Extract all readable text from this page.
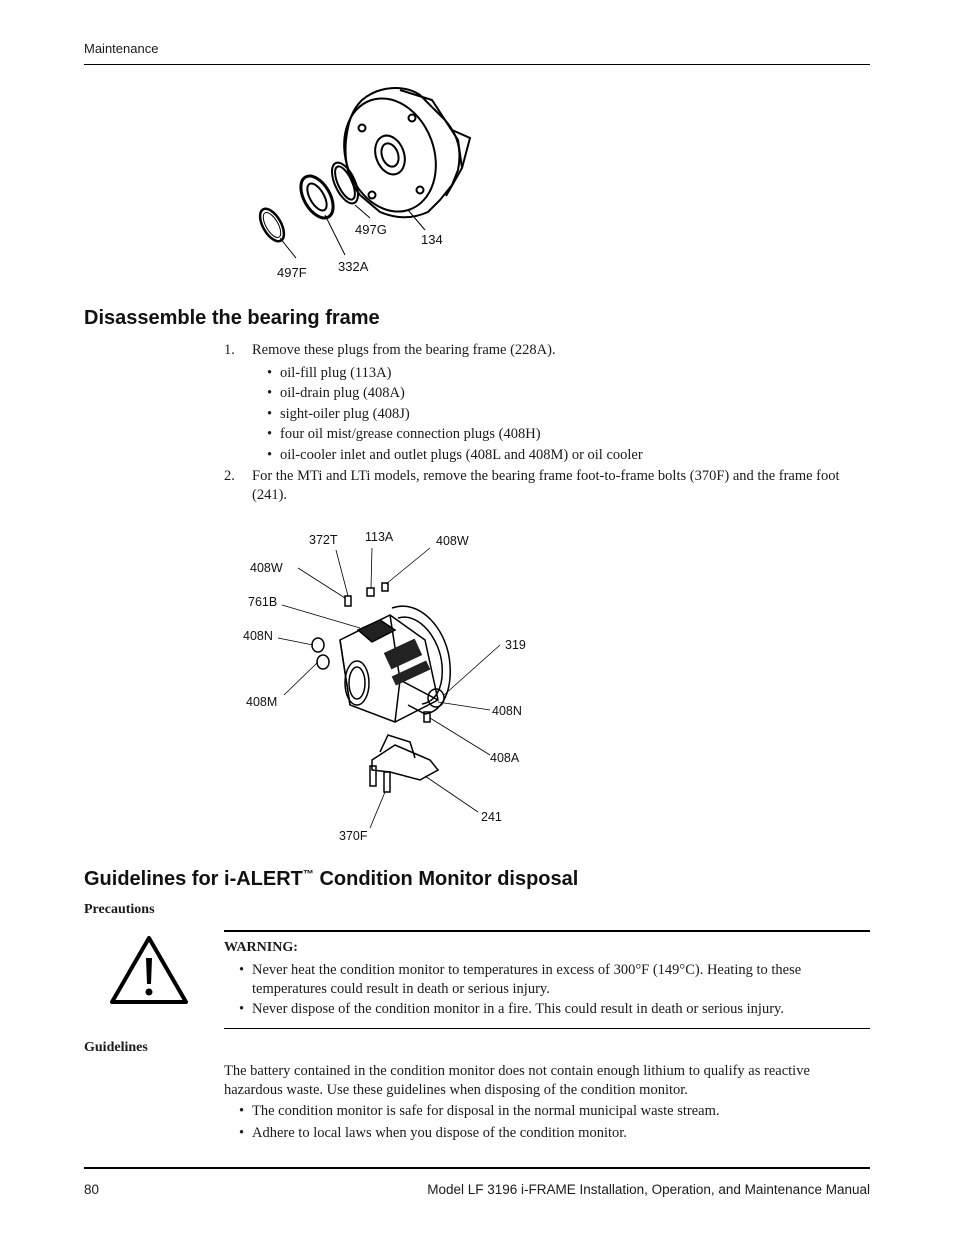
Maintenance
497G
134
497F 332A
Disassemble the bearing frame
1. Remove these plugs from the bearing frame (228A).
• oil-fill plug (113A)
• oil-drain plug (408A)
• sight-oiler plug (408J)
• four oil mist/grease connection plugs (408H)
• oil-cooler inlet and outlet plugs (408L and 408M) or oil cooler
2. For the MTi and LTi models, remove the bearing frame foot-to-frame bolts (370F) and the frame foot
(241).
372T 113A	408W
408W
761B
408N
319
408M
408N
408A
241
370F
Guidelines for i-ALERT™ Condition Monitor disposal
Precautions
WARNING:
• Never heat the condition monitor to temperatures in excess of 300°F (149°C). Heating to these
temperatures could result in death or serious injury.
• Never dispose of the condition monitor in a fire. This could result in death or serious injury.
Guidelines
The battery contained in the condition monitor does not contain enough lithium to qualify as reactive
hazardous waste. Use these guidelines when disposing of the condition monitor.
• The condition monitor is safe for disposal in the normal municipal waste stream.
• Adhere to local laws when you dispose of the condition monitor.
80	Model LF 3196 i-FRAME Installation, Operation, and Maintenance Manual
